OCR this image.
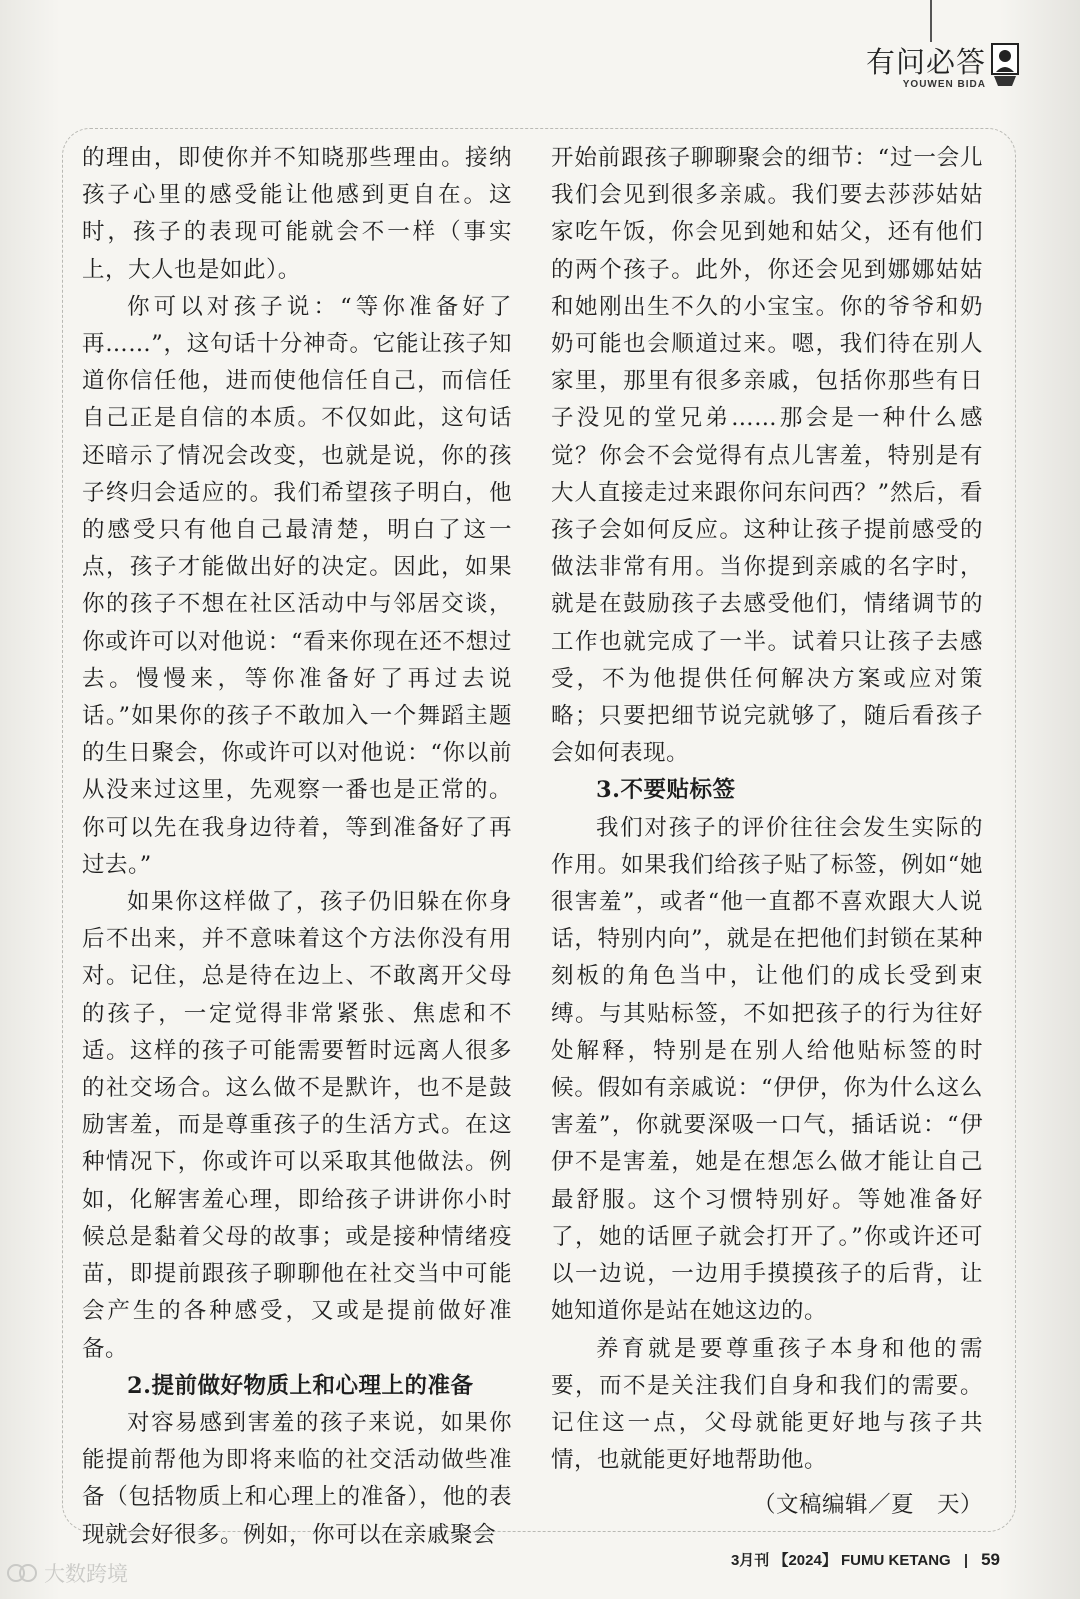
有问必答
YOUWEN BIDA

的理由，即使你并不知晓那些理由。接纳孩子心里的感受能让他感到更自在。这时，孩子的表现可能就会不一样（事实上，大人也是如此）。

你可以对孩子说：“等你准备好了再……”，这句话十分神奇。它能让孩子知道你信任他，进而使他信任自己，而信任自己正是自信的本质。不仅如此，这句话还暗示了情况会改变，也就是说，你的孩子终归会适应的。我们希望孩子明白，他的感受只有他自己最清楚，明白了这一点，孩子才能做出好的决定。因此，如果你的孩子不想在社区活动中与邻居交谈，你或许可以对他说：“看来你现在还不想过去。慢慢来，等你准备好了再过去说话。”如果你的孩子不敢加入一个舞蹈主题的生日聚会，你或许可以对他说：“你以前从没来过这里，先观察一番也是正常的。你可以先在我身边待着，等到准备好了再过去。”

如果你这样做了，孩子仍旧躲在你身后不出来，并不意味着这个方法你没有用对。记住，总是待在边上、不敢离开父母的孩子，一定觉得非常紧张、焦虑和不适。这样的孩子可能需要暂时远离人很多的社交场合。这么做不是默许，也不是鼓励害羞，而是尊重孩子的生活方式。在这种情况下，你或许可以采取其他做法。例如，化解害羞心理，即给孩子讲讲你小时候总是黏着父母的故事；或是接种情绪疫苗，即提前跟孩子聊聊他在社交当中可能会产生的各种感受，又或是提前做好准备。

2.提前做好物质上和心理上的准备

对容易感到害羞的孩子来说，如果你能提前帮他为即将来临的社交活动做些准备（包括物质上和心理上的准备），他的表现就会好很多。例如，你可以在亲戚聚会

开始前跟孩子聊聊聚会的细节：“过一会儿我们会见到很多亲戚。我们要去莎莎姑姑家吃午饭，你会见到她和姑父，还有他们的两个孩子。此外，你还会见到娜娜姑姑和她刚出生不久的小宝宝。你的爷爷和奶奶可能也会顺道过来。嗯，我们待在别人家里，那里有很多亲戚，包括你那些有日子没见的堂兄弟……那会是一种什么感觉？你会不会觉得有点儿害羞，特别是有大人直接走过来跟你问东问西？”然后，看孩子会如何反应。这种让孩子提前感受的做法非常有用。当你提到亲戚的名字时，就是在鼓励孩子去感受他们，情绪调节的工作也就完成了一半。试着只让孩子去感受，不为他提供任何解决方案或应对策略；只要把细节说完就够了，随后看孩子会如何表现。

3.不要贴标签

我们对孩子的评价往往会发生实际的作用。如果我们给孩子贴了标签，例如“她很害羞”，或者“他一直都不喜欢跟大人说话，特别内向”，就是在把他们封锁在某种刻板的角色当中，让他们的成长受到束缚。与其贴标签，不如把孩子的行为往好处解释，特别是在别人给他贴标签的时候。假如有亲戚说：“伊伊，你为什么这么害羞”，你就要深吸一口气，插话说：“伊伊不是害羞，她是在想怎么做才能让自己最舒服。这个习惯特别好。等她准备好了，她的话匣子就会打开了。”你或许还可以一边说，一边用手摸摸孩子的后背，让她知道你是站在她这边的。

养育就是要尊重孩子本身和他的需要，而不是关注我们自身和我们的需要。记住这一点，父母就能更好地与孩子共情，也就能更好地帮助他。

（文稿编辑／夏　天）

3月刊 【2024】 FUMU KETANG 59
大数跨境
